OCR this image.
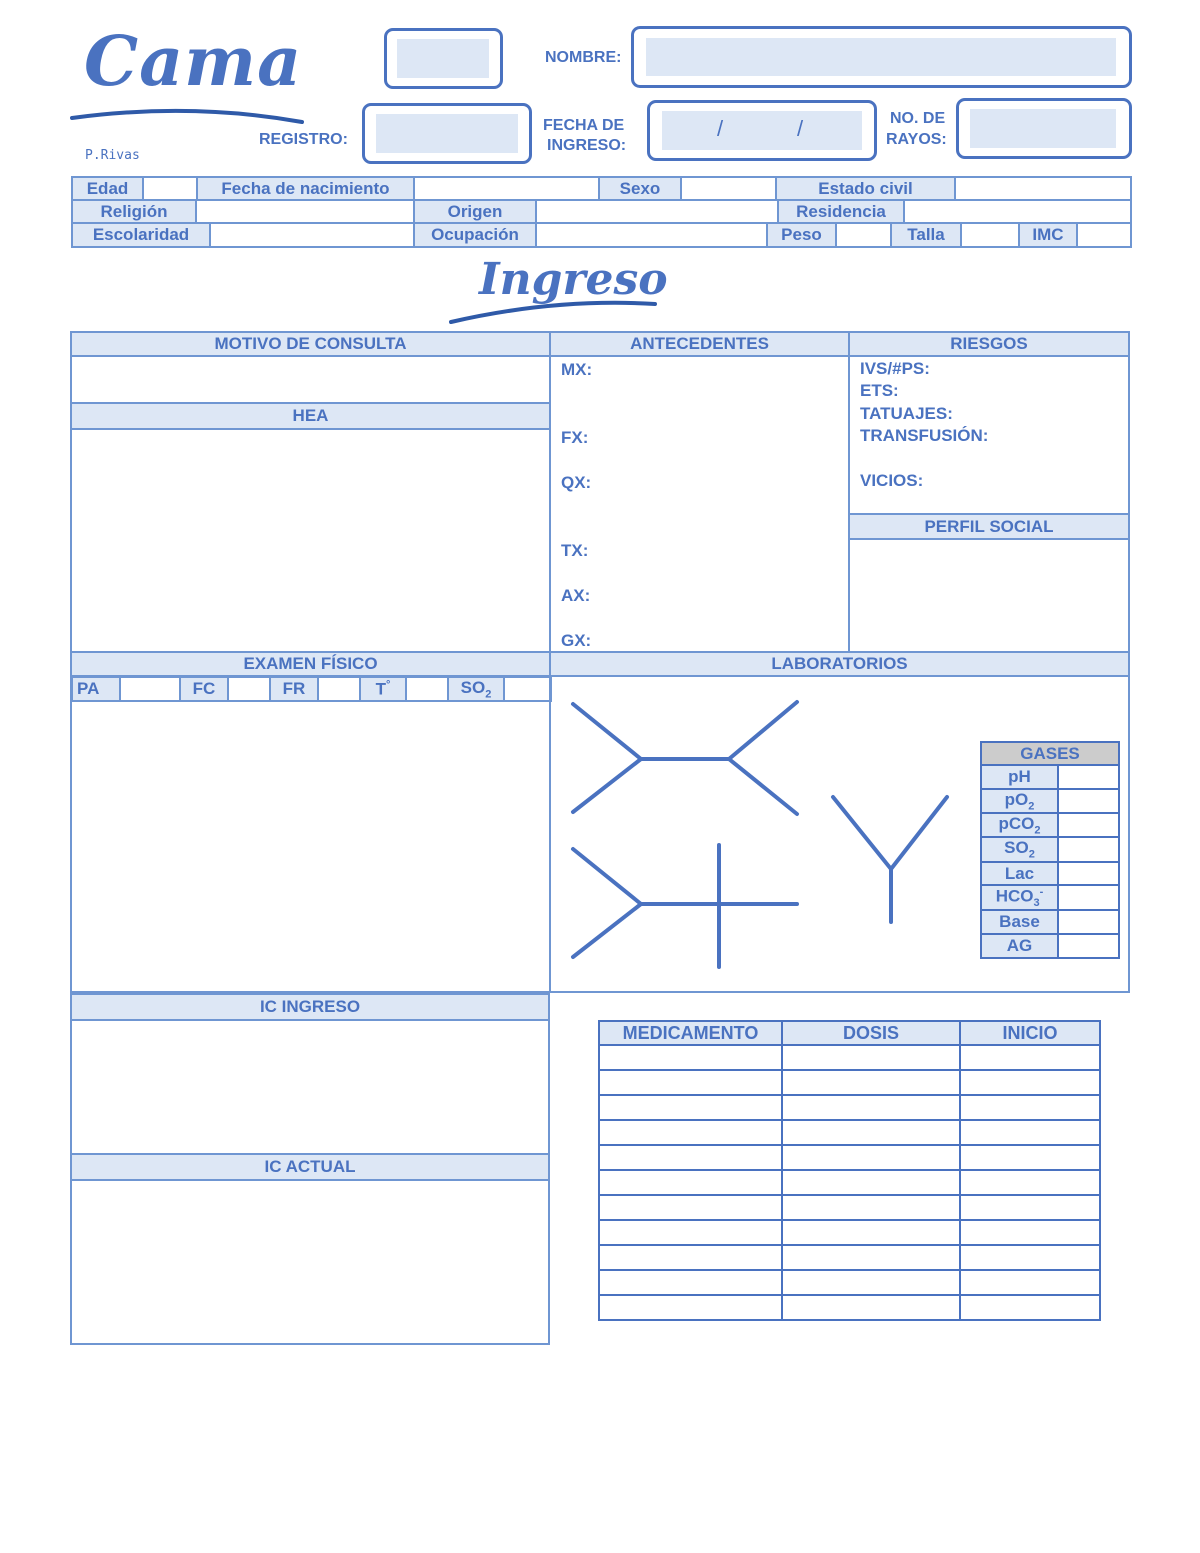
Cama
P.Rivas
NOMBRE:
REGISTRO:
FECHA DE
INGRESO:
/	/	NO. DE
RAYOS:
Edad		Fecha de nacimiento		Sexo		Estado civil	
Religión		Origen		Residencia	
Escolaridad		Ocupación		Peso		Talla		IMC	
Ingreso
MOTIVO DE CONSULTA	ANTECEDENTES	RIESGOS
HEA
MX:
FX:
QX:
TX:
AX:
GX:
IVS/#PS:
ETS:
TATUAJES:
TRANSFUSIÓN:
VICIOS:
PERFIL SOCIAL
EXAMEN FÍSICO	LABORATORIOS
PA		FC		FR		T°		$SO_2$	
GASES	
pH	
$pO_2$	
pCO$_2$	
$SO_2$	
Lac	
$HCO_3^-$	
Base	
AG	
IC INGRESO
IC ACTUAL
MEDICAMENTO	DOSIS	INICIO
